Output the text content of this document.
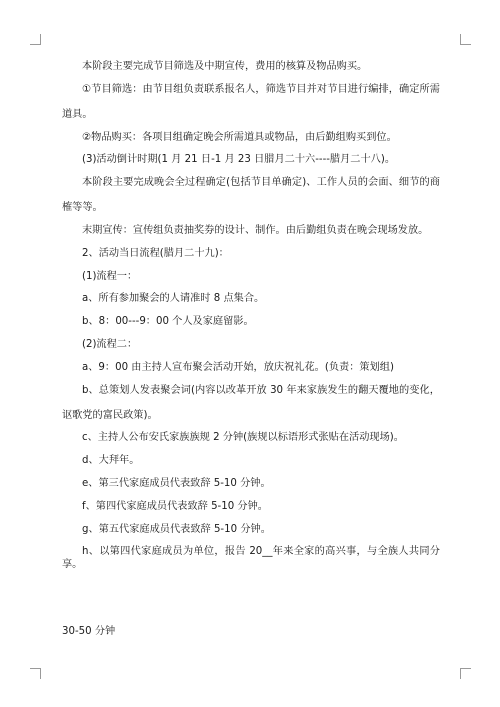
本阶段主要完成节目筛选及中期宣传，费用的核算及物品购买。

①节目筛选：由节目组负责联系报名人，筛选节目并对节目进行编排，确定所需道具。

②物品购买：各项目组确定晚会所需道具或物品，由后勤组购买到位。

(3)活动倒计时期(1 月 21 日-1 月 23 日腊月二十六----腊月二十八)。

本阶段主要完成晚会全过程确定(包括节目单确定)、工作人员的会面、细节的商榷等等。

末期宣传：宣传组负责抽奖券的设计、制作。由后勤组负责在晚会现场发放。

2、活动当日流程(腊月二十九)：

(1)流程一：

a、所有参加聚会的人请准时 8 点集合。

b、8：00---9：00 个人及家庭留影。

(2)流程二：

a、9：00 由主持人宣布聚会活动开始，放庆祝礼花。(负责：策划组)

b、总策划人发表聚会词(内容以改革开放 30 年来家族发生的翻天覆地的变化，讴歌党的富民政策)。

c、主持人公布安氏家族族规 2 分钟(族规以标语形式张贴在活动现场)。

d、大拜年。

e、第三代家庭成员代表致辞 5-10 分钟。

f、第四代家庭成员代表致辞 5-10 分钟。

g、第五代家庭成员代表致辞 5-10 分钟。

h、以第四代家庭成员为单位，报告 20__年来全家的高兴事，与全族人共同分享。

30-50 分钟
